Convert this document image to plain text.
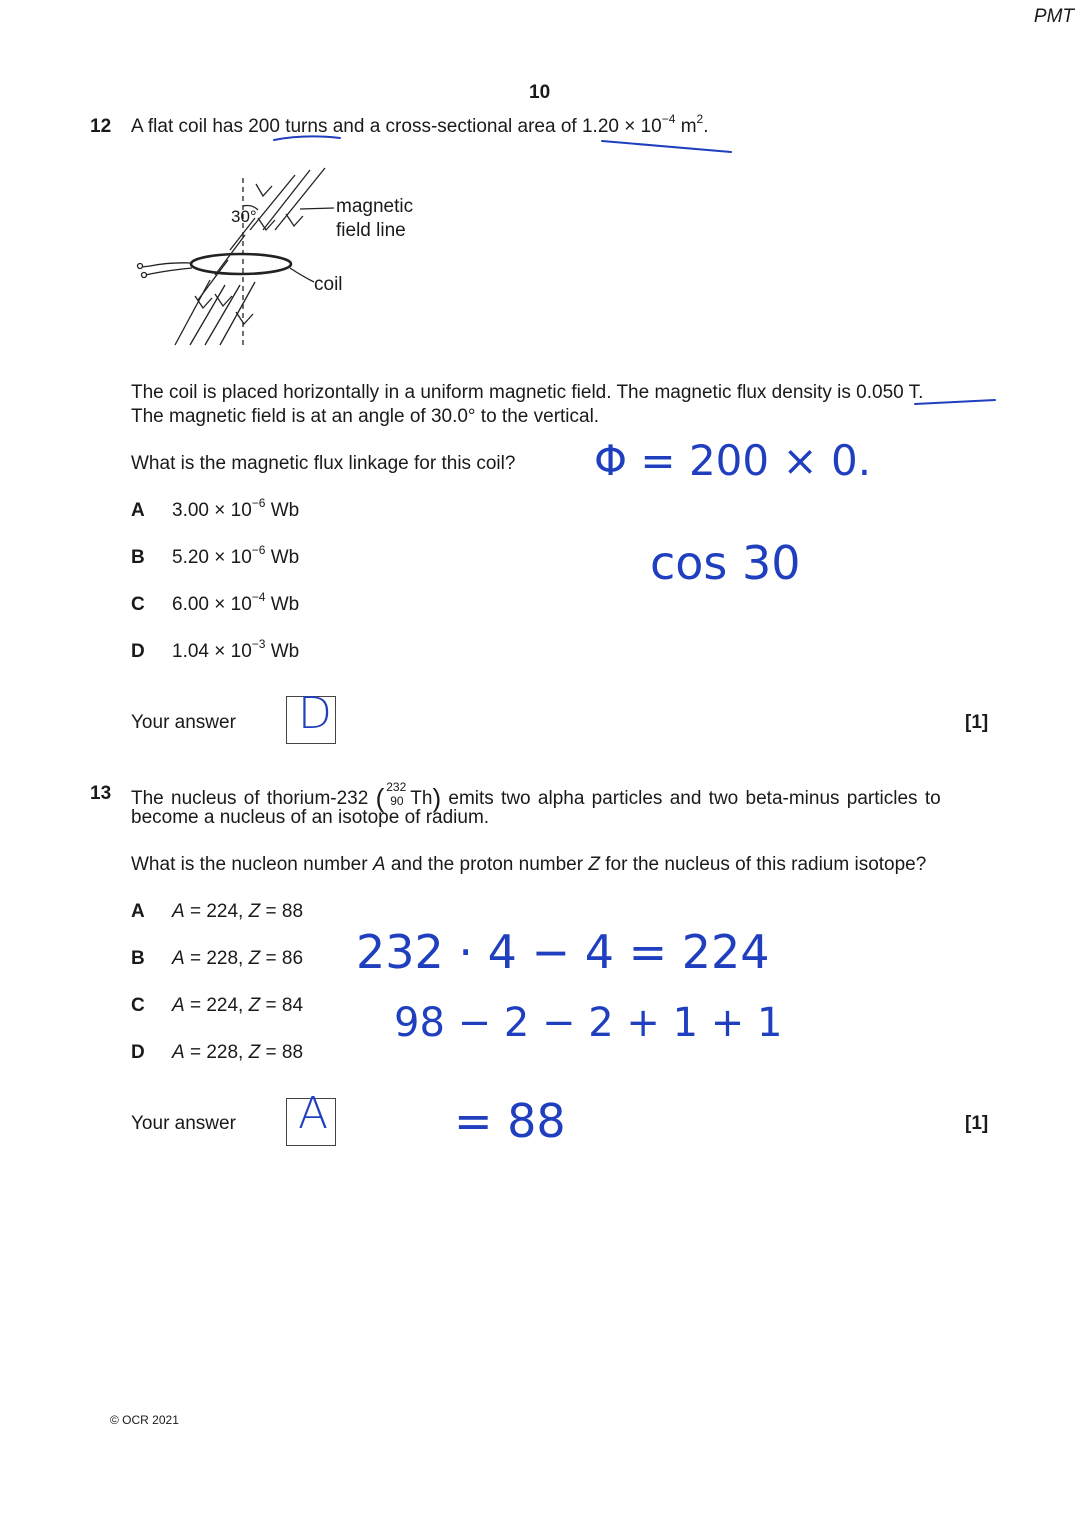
PMT
10
12 A flat coil has 200 turns and a cross-sectional area of $1.20 \times 10^{-4}$ $m^2$.
30°	magnetic
field line
coil
The coil is placed horizontally in a uniform magnetic field. The magnetic flux density is 0.050 T.
The magnetic field is at an angle of 30.0° to the vertical.
What is the magnetic flux linkage for this coil?
A $3.00 \times 10^{-6}$ Wb
B $5.20 \times 10^{-6}$ Wb
C $6.00 \times 10^{-4}$ Wb
D $1.04 \times 10^{-3}$ Wb
Your answer D	[1]
Φ = 200 × 0.
cos 30
13 The nucleus of thorium-232 ( 232
90 Th) emits two alpha particles and two beta-minus particles to
become a nucleus of an isotope of radium.
What is the nucleon number A and the proton number Z for the nucleus of this radium isotope?
A A = 224, Z = 88
B A = 228, Z = 86
C A = 224, Z = 84
D A = 228, Z = 88
Your answer A	[1]
232 · 4 − 4 = 224
98 − 2 − 2 + 1 + 1
= 88
© OCR 2021
